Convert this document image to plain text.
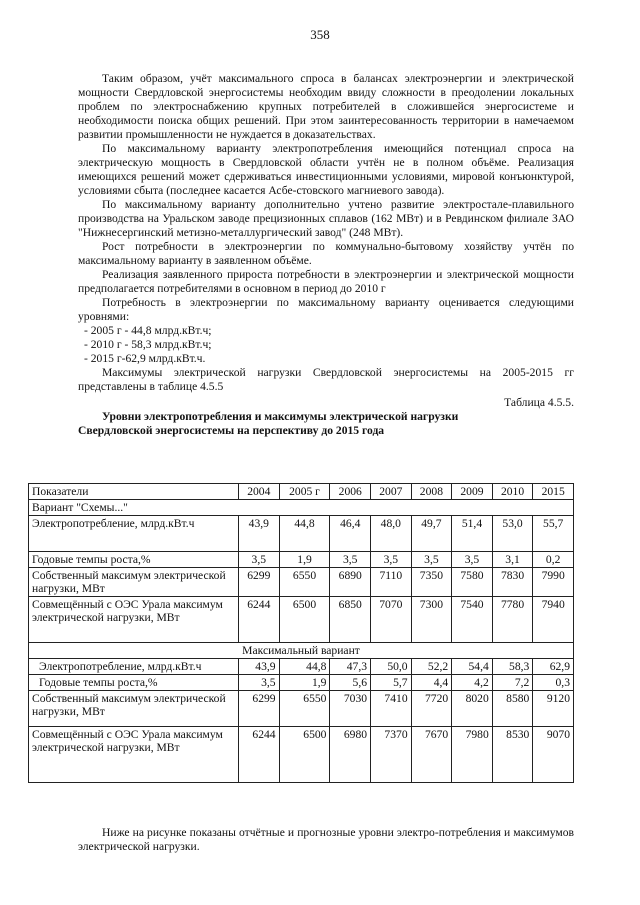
358

Таким образом, учёт максимального спроса в балансах электроэнергии и электрической мощности Свердловской энергосистемы необходим ввиду сложности в преодолении локальных проблем по электроснабжению крупных потребителей в сложившейся энергосистеме и необходимости поиска общих решений. При этом заинтересованность территории в намечаемом развитии промышленности не нуждается в доказательствах.

По максимальному варианту электропотребления имеющийся потенциал спроса на электрическую мощность в Свердловской области учтён не в полном объёме. Реализация имеющихся решений может сдерживаться инвестиционными условиями, мировой конъюнктурой, условиями сбыта (последнее касается Асбе-стовского магниевого завода).

По максимальному варианту дополнительно учтено развитие электростале-плавильного производства на Уральском заводе прецизионных сплавов (162 МВт) и в Ревдинском филиале ЗАО "Нижнесергинский метизно-металлургический завод" (248 МВт).

Рост потребности в электроэнергии по коммунально-бытовому хозяйству учтён по максимальному варианту в заявленном объёме.

Реализация заявленного прироста потребности в электроэнергии и электрической мощности предполагается потребителями в основном в период до 2010 г

Потребность в электроэнергии по максимальному варианту оценивается следующими уровнями:

- 2005 г - 44,8 млрд.кВт.ч;

- 2010 г - 58,3 млрд.кВт.ч;

- 2015 г-62,9 млрд.кВт.ч.

Максимумы электрической нагрузки Свердловской энергосистемы на 2005-2015 гг представлены в таблице 4.5.5

Таблица 4.5.5.

Уровни электропотребления и максимумы электрической нагрузки
Свердловской энергосистемы на перспективу до 2015 года

Показатели	2004	2005 г	2006	2007	2008	2009	2010	2015
Вариант "Схемы..."								
Электропотребление, млрд.кВт.ч	43,9	44,8	46,4	48,0	49,7	51,4	53,0	55,7
Годовые темпы роста,%	3,5	1,9	3,5	3,5	3,5	3,5	3,1	0,2
Собственный максимум электрической нагрузки, МВт	6299	6550	6890	7110	7350	7580	7830	7990
Совмещённый с ОЭС Урала максимум электрической нагрузки, МВт	6244	6500	6850	7070	7300	7540	7780	7940
Максимальный вариант								
Электропотребление, млрд.кВт.ч	43,9	44,8	47,3	50,0	52,2	54,4	58,3	62,9
Годовые темпы роста,%	3,5	1,9	5,6	5,7	4,4	4,2	7,2	0,3
Собственный максимум электрической нагрузки, МВт	6299	6550	7030	7410	7720	8020	8580	9120
Совмещённый с ОЭС Урала максимум электрической нагрузки, МВт	6244	6500	6980	7370	7670	7980	8530	9070

Ниже на рисунке показаны отчётные и прогнозные уровни электро-потребления и максимумов электрической нагрузки.
